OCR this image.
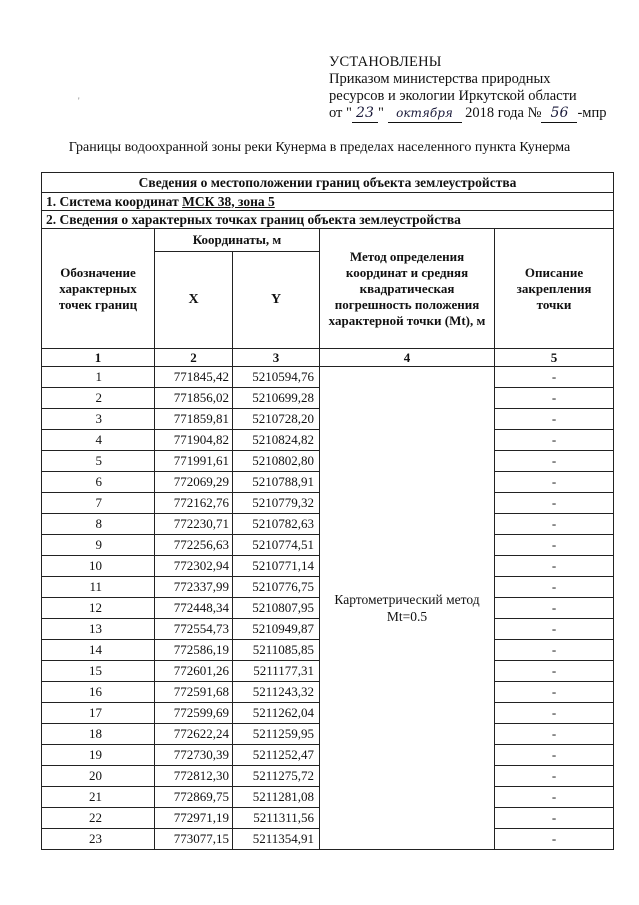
УСТАНОВЛЕНЫ
Приказом министерства природных
ресурсов и экологии Иркутской области
от " 23 " октября 2018 года № 56 -мпр
'
Границы водоохранной зоны реки Кунерма в пределах населенного пункта Кунерма
Сведения о местоположении границ объекта землеустройства				
1. Система координат МСК 38, зона 5				
2. Сведения о характерных точках границ объекта землеустройства				
Обозначение характерных точек границ	Координаты, м		Метод определения координат и средняя квадратическая погрешность положения характерной точки (Mt), м	Описание закрепления точки
	X	Y		
1	2	3	4	5
1	771845,42	5210594,76	Картометрический метод Mt=0.5	-
2	771856,02	5210699,28		-
3	771859,81	5210728,20		-
4	771904,82	5210824,82		-
5	771991,61	5210802,80		-
6	772069,29	5210788,91		-
7	772162,76	5210779,32		-
8	772230,71	5210782,63		-
9	772256,63	5210774,51		-
10	772302,94	5210771,14		-
11	772337,99	5210776,75		-
12	772448,34	5210807,95		-
13	772554,73	5210949,87		-
14	772586,19	5211085,85		-
15	772601,26	5211177,31		-
16	772591,68	5211243,32		-
17	772599,69	5211262,04		-
18	772622,24	5211259,95		-
19	772730,39	5211252,47		-
20	772812,30	5211275,72		-
21	772869,75	5211281,08		-
22	772971,19	5211311,56		-
23	773077,15	5211354,91		-
